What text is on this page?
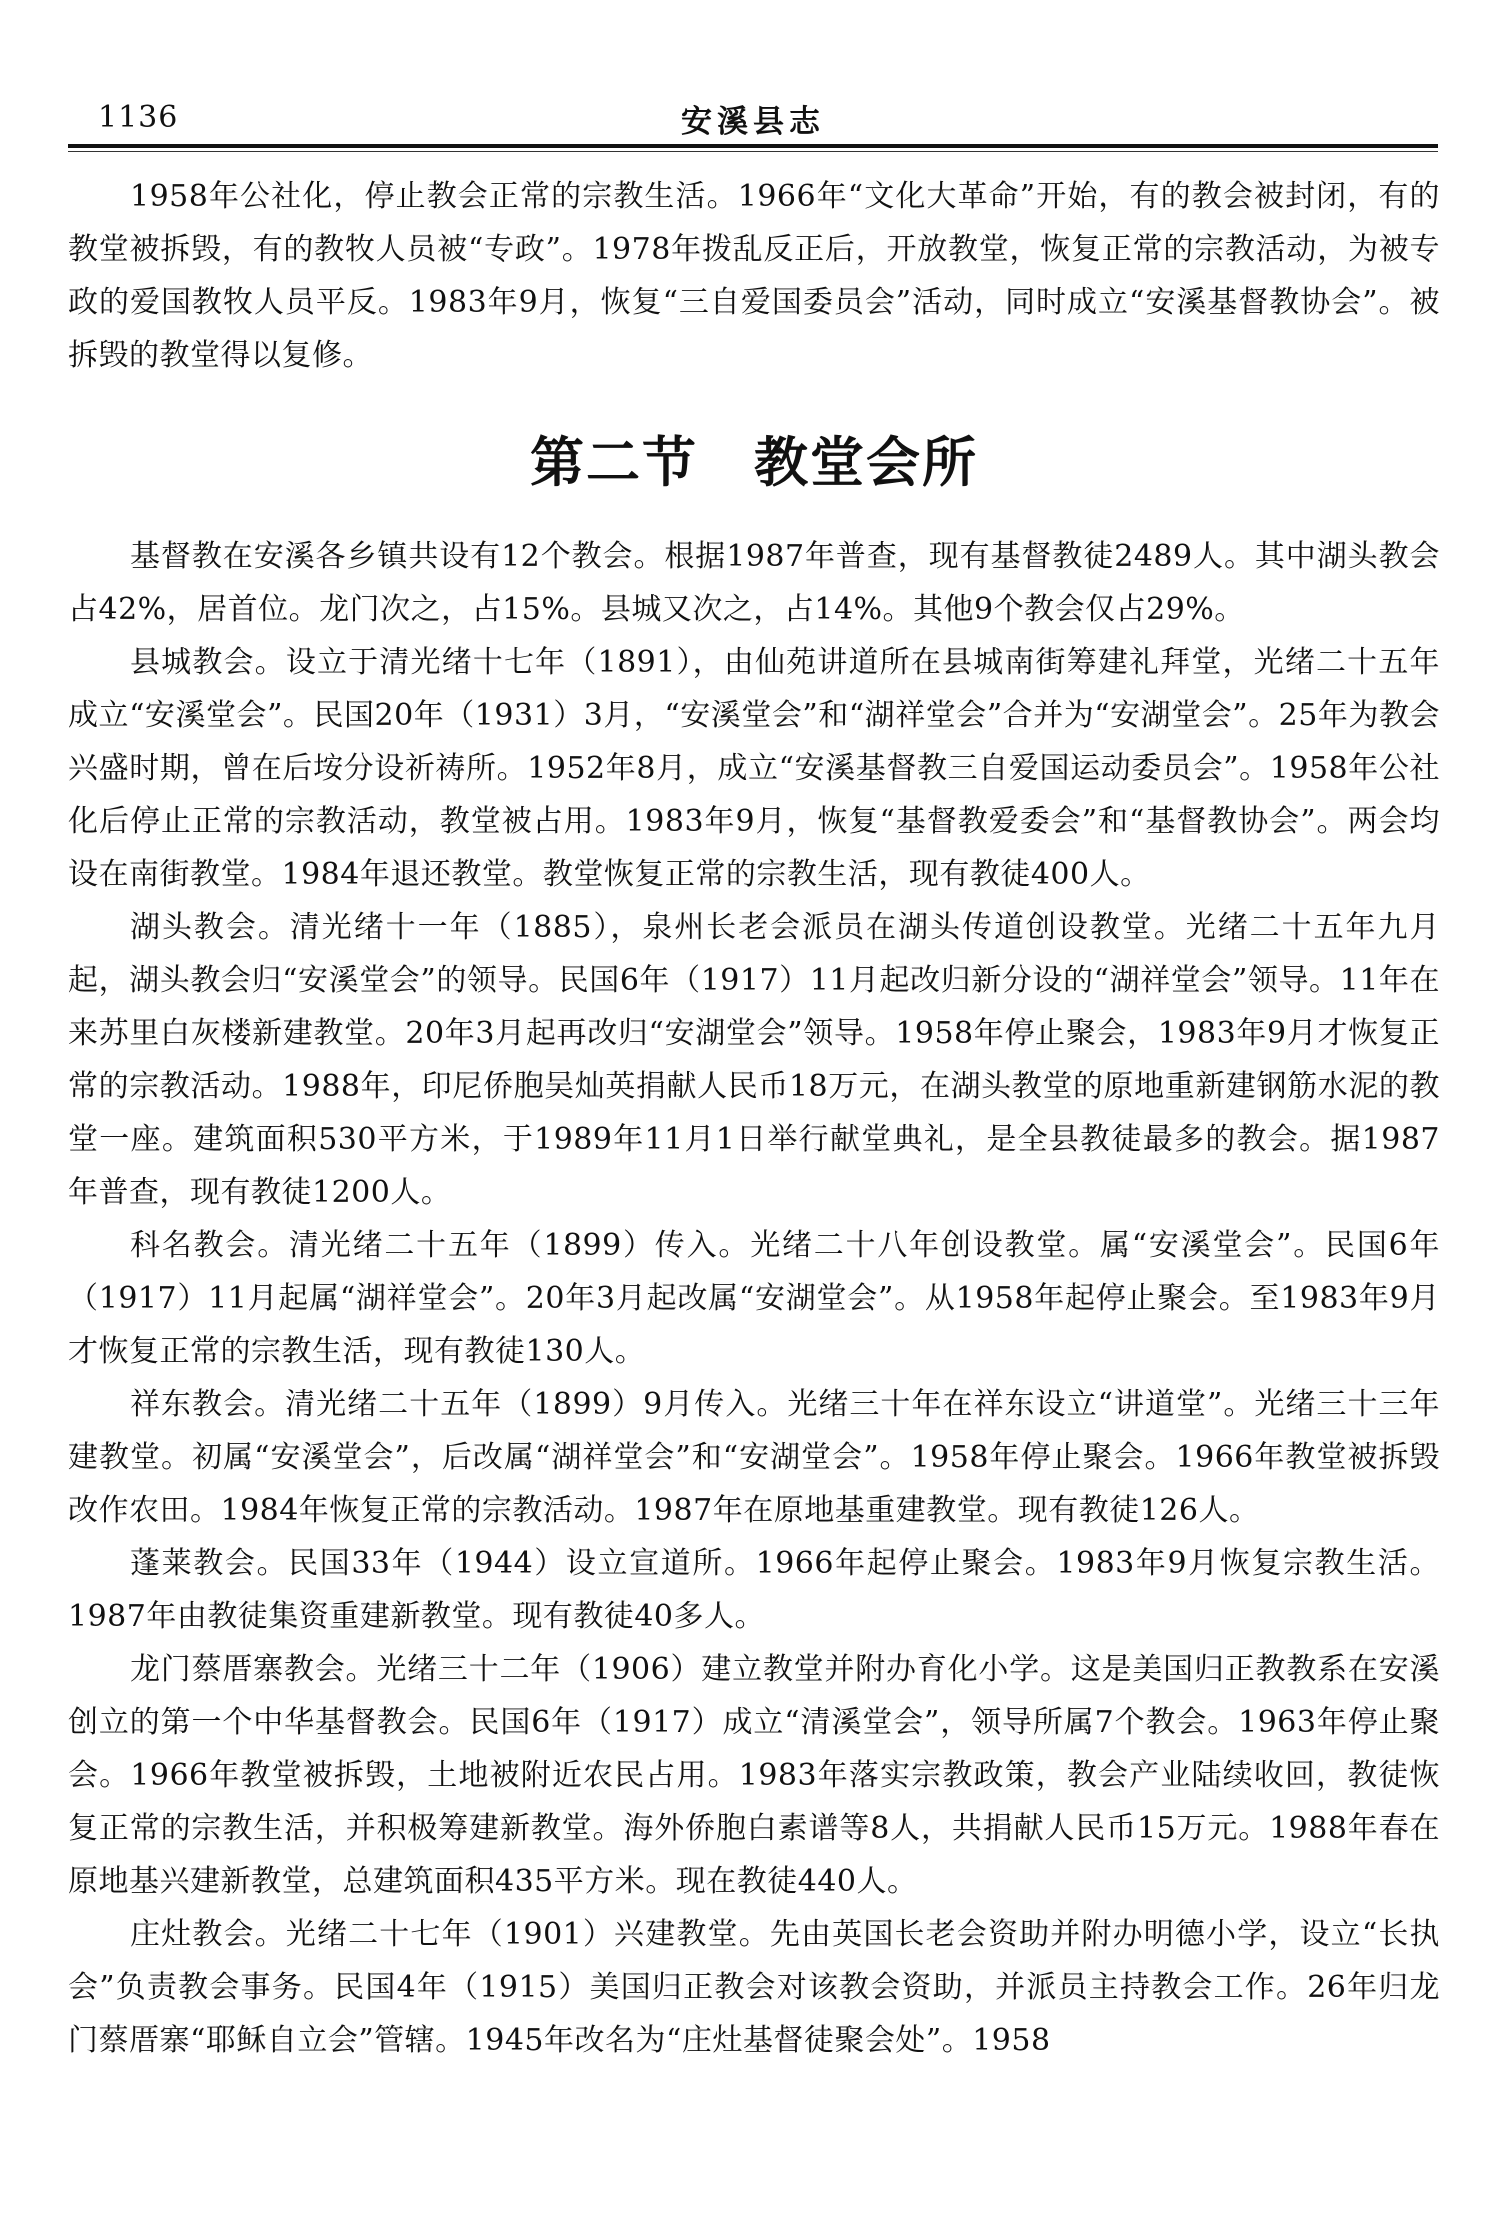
1136	安溪县志

1958年公社化，停止教会正常的宗教生活。1966年“文化大革命”开始，有的教会被封闭，有的教堂被拆毁，有的教牧人员被“专政”。1978年拨乱反正后，开放教堂，恢复正常的宗教活动，为被专政的爱国教牧人员平反。1983年9月，恢复“三自爱国委员会”活动，同时成立“安溪基督教协会”。被拆毁的教堂得以复修。

第二节 教堂会所

基督教在安溪各乡镇共设有12个教会。根据1987年普查，现有基督教徒2489人。其中湖头教会占42%，居首位。龙门次之，占15%。县城又次之，占14%。其他9个教会仅占29%。

县城教会。设立于清光绪十七年（1891），由仙苑讲道所在县城南街筹建礼拜堂，光绪二十五年成立“安溪堂会”。民国20年（1931）3月，“安溪堂会”和“湖祥堂会”合并为“安湖堂会”。25年为教会兴盛时期，曾在后垵分设祈祷所。1952年8月，成立“安溪基督教三自爱国运动委员会”。1958年公社化后停止正常的宗教活动，教堂被占用。1983年9月，恢复“基督教爱委会”和“基督教协会”。两会均设在南街教堂。1984年退还教堂。教堂恢复正常的宗教生活，现有教徒400人。

湖头教会。清光绪十一年（1885），泉州长老会派员在湖头传道创设教堂。光绪二十五年九月起，湖头教会归“安溪堂会”的领导。民国6年（1917）11月起改归新分设的“湖祥堂会”领导。11年在来苏里白灰楼新建教堂。20年3月起再改归“安湖堂会”领导。1958年停止聚会，1983年9月才恢复正常的宗教活动。1988年，印尼侨胞吴灿英捐献人民币18万元，在湖头教堂的原地重新建钢筋水泥的教堂一座。建筑面积530平方米，于1989年11月1日举行献堂典礼，是全县教徒最多的教会。据1987年普查，现有教徒1200人。

科名教会。清光绪二十五年（1899）传入。光绪二十八年创设教堂。属“安溪堂会”。民国6年（1917）11月起属“湖祥堂会”。20年3月起改属“安湖堂会”。从1958年起停止聚会。至1983年9月才恢复正常的宗教生活，现有教徒130人。

祥东教会。清光绪二十五年（1899）9月传入。光绪三十年在祥东设立“讲道堂”。光绪三十三年建教堂。初属“安溪堂会”，后改属“湖祥堂会”和“安湖堂会”。1958年停止聚会。1966年教堂被拆毁改作农田。1984年恢复正常的宗教活动。1987年在原地基重建教堂。现有教徒126人。

蓬莱教会。民国33年（1944）设立宣道所。1966年起停止聚会。1983年9月恢复宗教生活。1987年由教徒集资重建新教堂。现有教徒40多人。

龙门蔡厝寨教会。光绪三十二年（1906）建立教堂并附办育化小学。这是美国归正教教系在安溪创立的第一个中华基督教会。民国6年（1917）成立“清溪堂会”，领导所属7个教会。1963年停止聚会。1966年教堂被拆毁，土地被附近农民占用。1983年落实宗教政策，教会产业陆续收回，教徒恢复正常的宗教生活，并积极筹建新教堂。海外侨胞白素谱等8人，共捐献人民币15万元。1988年春在原地基兴建新教堂，总建筑面积435平方米。现在教徒440人。

庄灶教会。光绪二十七年（1901）兴建教堂。先由英国长老会资助并附办明德小学，设立“长执会”负责教会事务。民国4年（1915）美国归正教会对该教会资助，并派员主持教会工作。26年归龙门蔡厝寨“耶稣自立会”管辖。1945年改名为“庄灶基督徒聚会处”。1958
